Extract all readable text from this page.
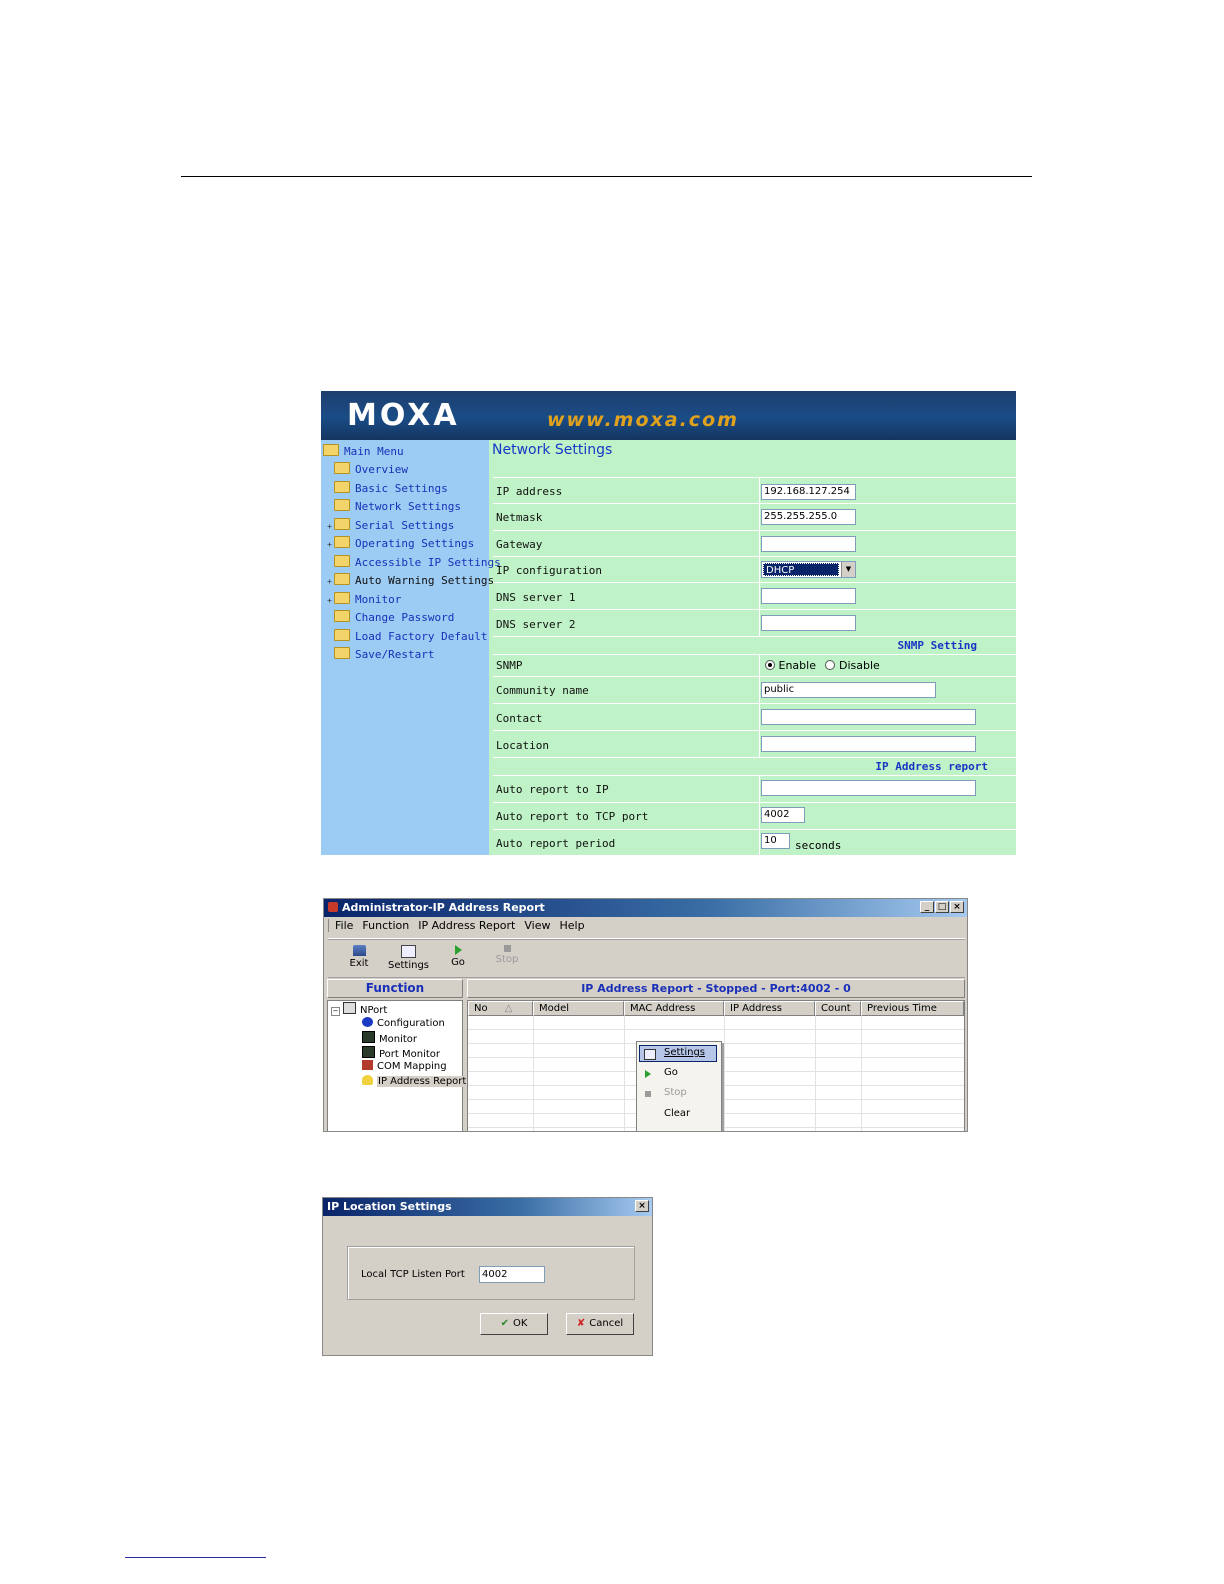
MOXA	www.moxa.com
Main Menu
Overview
Basic Settings
Network Settings
+ Serial Settings
+ Operating Settings
Accessible IP Settings
+ Auto Warning Settings
+ Monitor
Change Password
Load Factory Default
Save/Restart
Network Settings
IP address	192.168.127.254
Netmask	255.255.255.0
Gateway
IP configuration	DHCP	▼
DNS server 1
DNS server 2
SNMP Setting
SNMP	Enable Disable
Community name	public
Contact
Location
IP Address report
Auto report to IP
Auto report to TCP port	4002
Auto report period	10	seconds
Administrator-IP Address Report	_ □ ×
File Function IP Address Report View Help
Exit	Settings	Go	Stop
Function	IP Address Report - Stopped - Port:4002 - 0
− NPort
Configuration
Monitor
Port Monitor
COM Mapping
IP Address Report
No △	Model	MAC Address	IP Address	Count	Previous Time
Settings
Go
Stop
Clear
IP Location Settings	×
Local TCP Listen Port	4002
✔ OK	✘ Cancel
